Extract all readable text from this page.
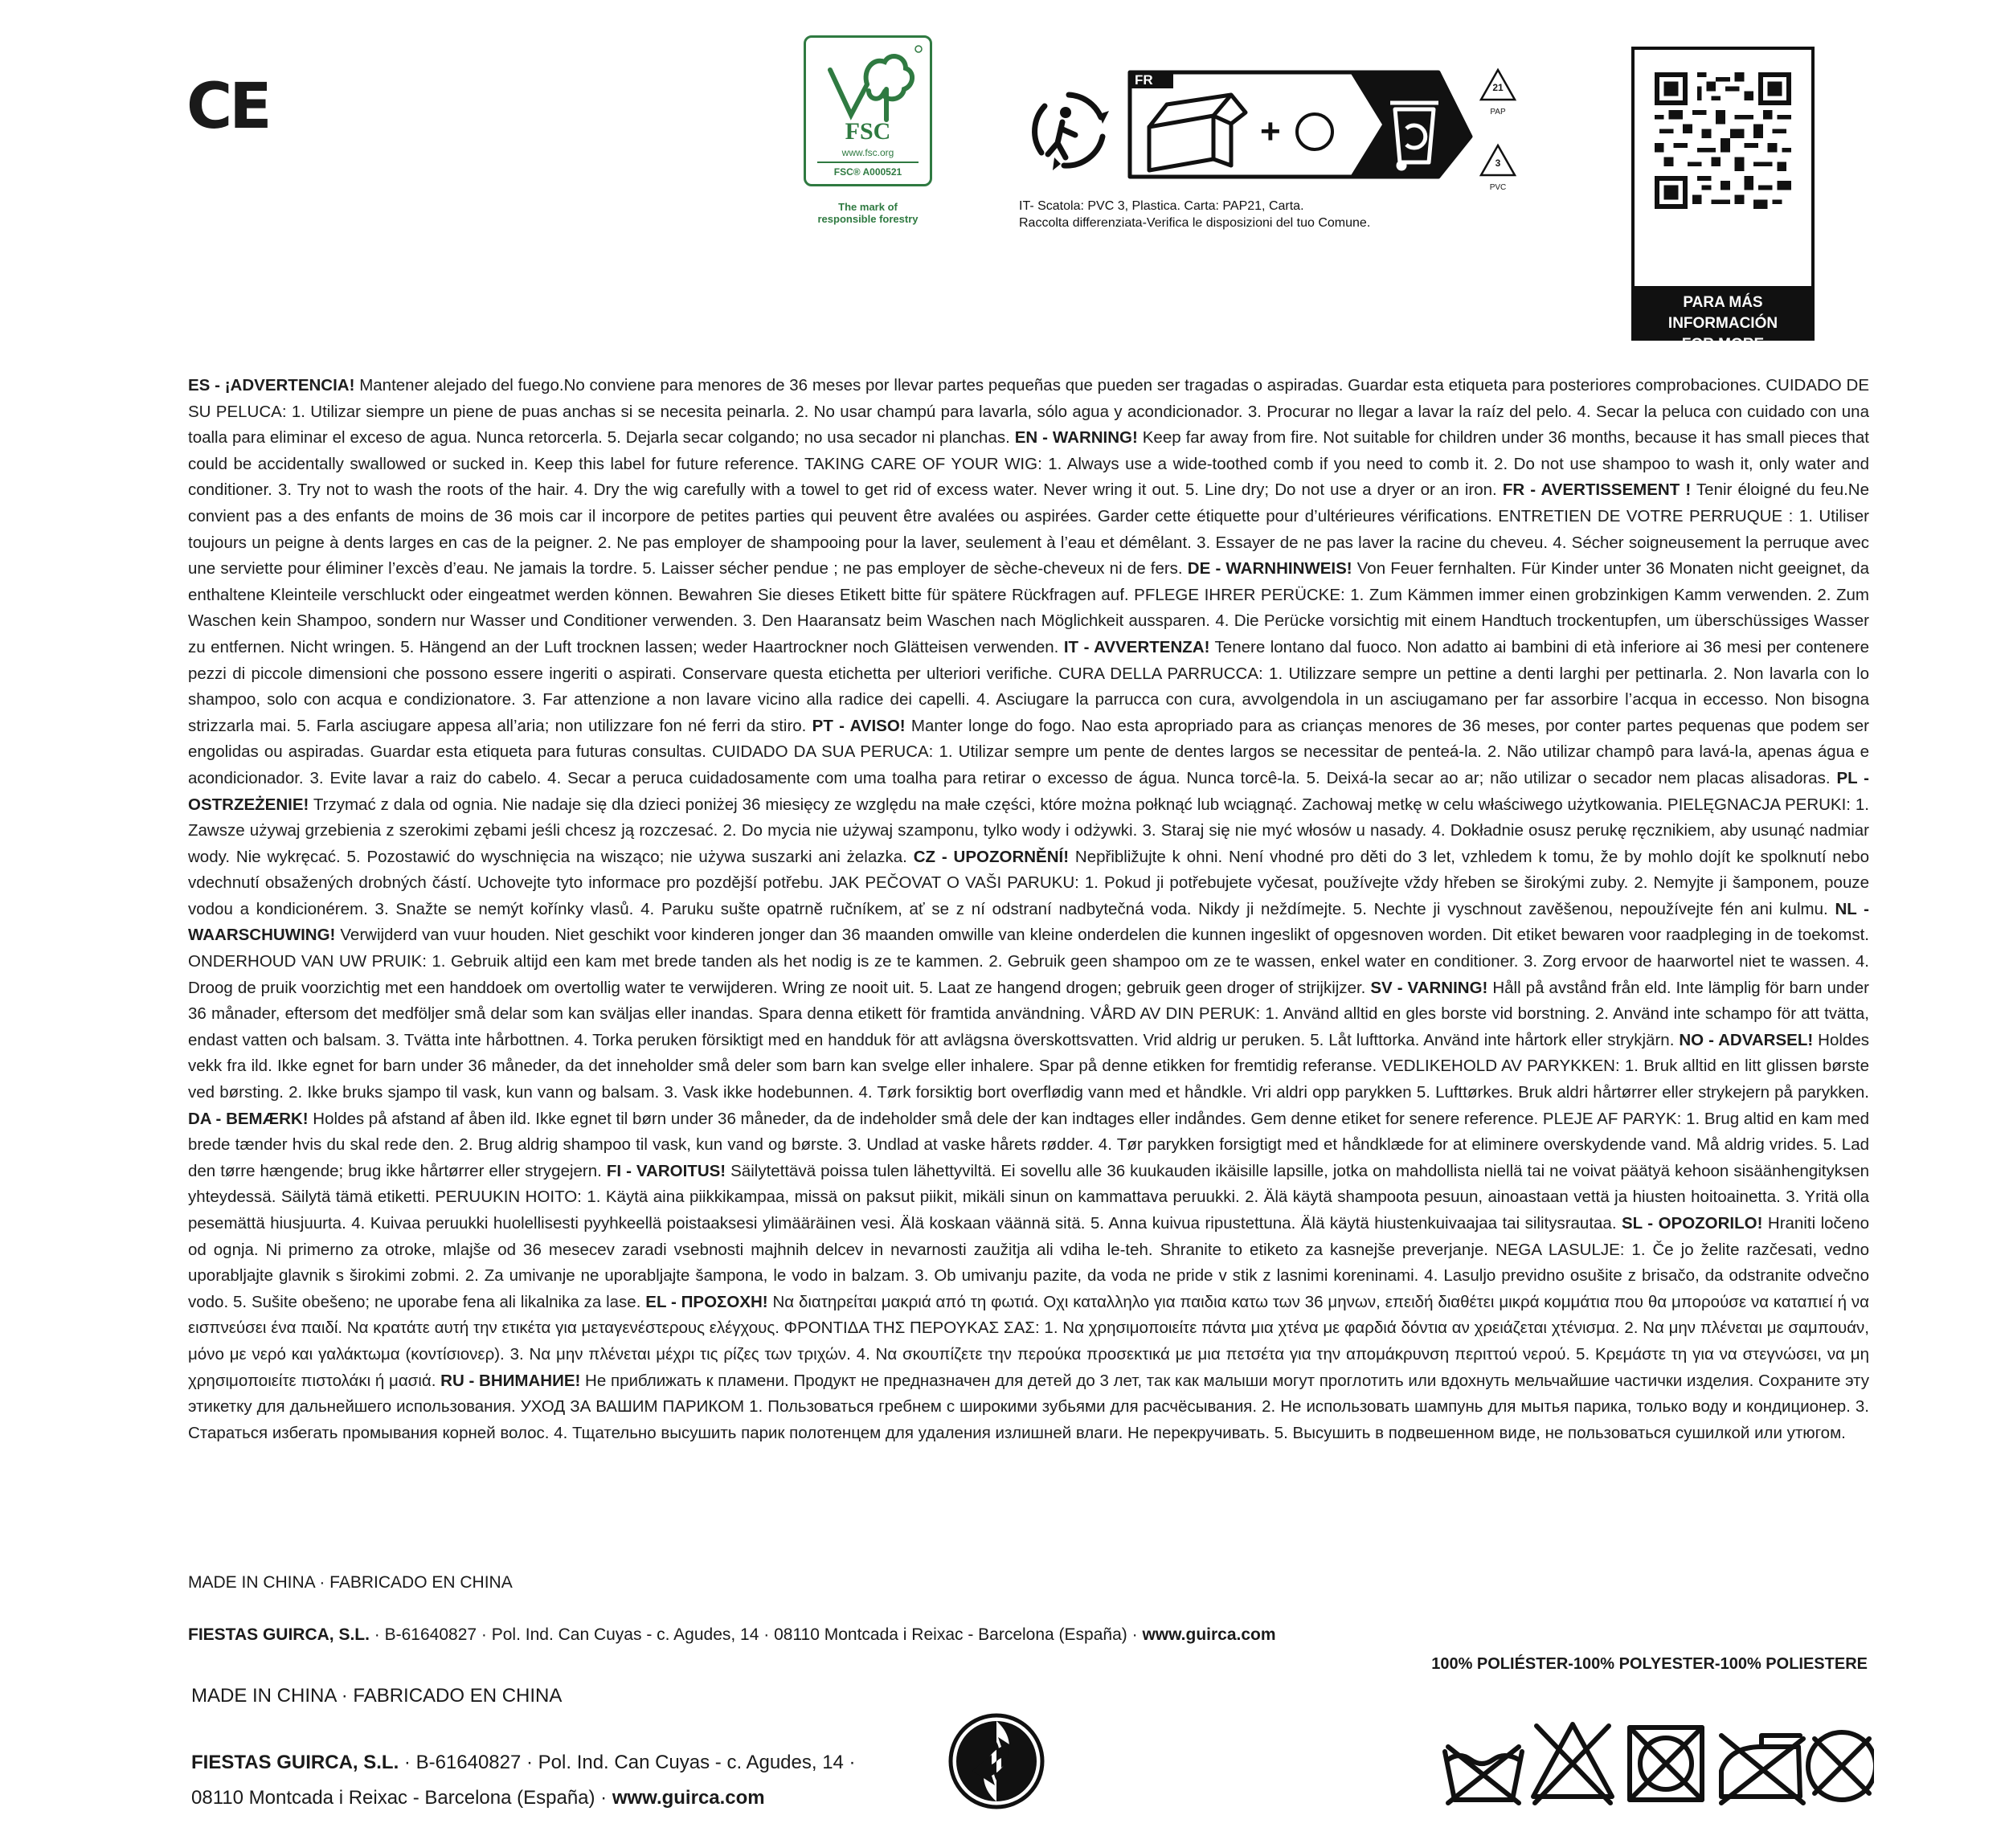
CE	FSC
www.fsc.org
FSC® A000521
The mark of
responsible forestry
+
FR	21
PAP
3
PVC
IT- Scatola: PVC 3, Plastica. Carta: PAP21, Carta.
Raccolta differenziata-Verifica le disposizioni del tuo Comune.
PARA MÁS INFORMACIÓN
FOR MORE INFORMATION
ES - ¡ADVERTENCIA! Mantener alejado del fuego.No conviene para menores de 36 meses por llevar partes pequeñas que pueden ser tragadas o aspiradas. Guardar esta etiqueta para posteriores comprobaciones. CUIDADO DE SU PELUCA: 1. Utilizar siempre un piene de puas anchas si se necesita peinarla. 2. No usar champú para lavarla, sólo agua y acondicionador. 3. Procurar no llegar a lavar la raíz del pelo. 4. Secar la peluca con cuidado con una toalla para eliminar el exceso de agua. Nunca retorcerla. 5. Dejarla secar colgando; no usa secador ni planchas. EN - WARNING! Keep far away from fire. Not suitable for children under 36 months, because it has small pieces that could be accidentally swallowed or sucked in. Keep this label for future reference. TAKING CARE OF YOUR WIG: 1. Always use a wide-toothed comb if you need to comb it. 2. Do not use shampoo to wash it, only water and conditioner. 3. Try not to wash the roots of the hair. 4. Dry the wig carefully with a towel to get rid of excess water. Never wring it out. 5. Line dry; Do not use a dryer or an iron. FR - AVERTISSEMENT ! Tenir éloigné du feu.Ne convient pas a des enfants de moins de 36 mois car il incorpore de petites parties qui peuvent être avalées ou aspirées. Garder cette étiquette pour d’ultérieures vérifications. ENTRETIEN DE VOTRE PERRUQUE : 1. Utiliser toujours un peigne à dents larges en cas de la peigner. 2. Ne pas employer de shampooing pour la laver, seulement à l’eau et démêlant. 3. Essayer de ne pas laver la racine du cheveu. 4. Sécher soigneusement la perruque avec une serviette pour éliminer l’excès d’eau. Ne jamais la tordre. 5. Laisser sécher pendue ; ne pas employer de sèche-cheveux ni de fers. DE - WARNHINWEIS! Von Feuer fernhalten. Für Kinder unter 36 Monaten nicht geeignet, da enthaltene Kleinteile verschluckt oder eingeatmet werden können. Bewahren Sie dieses Etikett bitte für spätere Rückfragen auf. PFLEGE IHRER PERÜCKE: 1. Zum Kämmen immer einen grobzinkigen Kamm verwenden. 2. Zum Waschen kein Shampoo, sondern nur Wasser und Conditioner verwenden. 3. Den Haaransatz beim Waschen nach Möglichkeit aussparen. 4. Die Perücke vorsichtig mit einem Handtuch trockentupfen, um überschüssiges Wasser zu entfernen. Nicht wringen. 5. Hängend an der Luft trocknen lassen; weder Haartrockner noch Glätteisen verwenden. IT - AVVERTENZA! Tenere lontano dal fuoco. Non adatto ai bambini di età inferiore ai 36 mesi per contenere pezzi di piccole dimensioni che possono essere ingeriti o aspirati. Conservare questa etichetta per ulteriori verifiche. CURA DELLA PARRUCCA: 1. Utilizzare sempre un pettine a denti larghi per pettinarla. 2. Non lavarla con lo shampoo, solo con acqua e condizionatore. 3. Far attenzione a non lavare vicino alla radice dei capelli. 4. Asciugare la parrucca con cura, avvolgendola in un asciugamano per far assorbire l’acqua in eccesso. Non bisogna strizzarla mai. 5. Farla asciugare appesa all’aria; non utilizzare fon né ferri da stiro. PT - AVISO! Manter longe do fogo. Nao esta apropriado para as crianças menores de 36 meses, por conter partes pequenas que podem ser engolidas ou aspiradas. Guardar esta etiqueta para futuras consultas. CUIDADO DA SUA PERUCA: 1. Utilizar sempre um pente de dentes largos se necessitar de penteá-la. 2. Não utilizar champô para lavá-la, apenas água e acondicionador. 3. Evite lavar a raiz do cabelo. 4. Secar a peruca cuidadosamente com uma toalha para retirar o excesso de água. Nunca torcê-la. 5. Deixá-la secar ao ar; não utilizar o secador nem placas alisadoras. PL - OSTRZEŻENIE! Trzymać z dala od ognia. Nie nadaje się dla dzieci poniżej 36 miesięcy ze względu na małe części, które można połknąć lub wciągnąć. Zachowaj metkę w celu właściwego użytkowania. PIELĘGNACJA PERUKI: 1. Zawsze używaj grzebienia z szerokimi zębami jeśli chcesz ją rozczesać. 2. Do mycia nie używaj szamponu, tylko wody i odżywki. 3. Staraj się nie myć włosów u nasady. 4. Dokładnie osusz perukę ręcznikiem, aby usunąć nadmiar wody. Nie wykręcać. 5. Pozostawić do wyschnięcia na wisząco; nie używa suszarki ani żelazka. CZ - UPOZORNĚNÍ! Nepřibližujte k ohni. Není vhodné pro děti do 3 let, vzhledem k tomu, že by mohlo dojít ke spolknutí nebo vdechnutí obsažených drobných částí. Uchovejte tyto informace pro pozdější potřebu. JAK PEČOVAT O VAŠI PARUKU: 1. Pokud ji potřebujete vyčesat, používejte vždy hřeben se širokými zuby. 2. Nemyjte ji šamponem, pouze vodou a kondicionérem. 3. Snažte se nemýt kořínky vlasů. 4. Paruku sušte opatrně ručníkem, ať se z ní odstraní nadbytečná voda. Nikdy ji neždímejte. 5. Nechte ji vyschnout zavěšenou, nepoužívejte fén ani kulmu. NL - WAARSCHUWING! Verwijderd van vuur houden. Niet geschikt voor kinderen jonger dan 36 maanden omwille van kleine onderdelen die kunnen ingeslikt of opgesnoven worden. Dit etiket bewaren voor raadpleging in de toekomst. ONDERHOUD VAN UW PRUIK: 1. Gebruik altijd een kam met brede tanden als het nodig is ze te kammen. 2. Gebruik geen shampoo om ze te wassen, enkel water en conditioner. 3. Zorg ervoor de haarwortel niet te wassen. 4. Droog de pruik voorzichtig met een handdoek om overtollig water te verwijderen. Wring ze nooit uit. 5. Laat ze hangend drogen; gebruik geen droger of strijkijzer. SV - VARNING! Håll på avstånd från eld. Inte lämplig för barn under 36 månader, eftersom det medföljer små delar som kan sväljas eller inandas. Spara denna etikett för framtida användning. VÅRD AV DIN PERUK: 1. Använd alltid en gles borste vid borstning. 2. Använd inte schampo för att tvätta, endast vatten och balsam. 3. Tvätta inte hårbottnen. 4. Torka peruken försiktigt med en handduk för att avlägsna överskottsvatten. Vrid aldrig ur peruken. 5. Låt lufttorka. Använd inte hårtork eller strykjärn. NO - ADVARSEL! Holdes vekk fra ild. Ikke egnet for barn under 36 måneder, da det inneholder små deler som barn kan svelge eller inhalere. Spar på denne etikken for fremtidig referanse. VEDLIKEHOLD AV PARYKKEN: 1. Bruk alltid en litt glissen børste ved børsting. 2. Ikke bruks sjampo til vask, kun vann og balsam. 3. Vask ikke hodebunnen. 4. Tørk forsiktig bort overflødig vann med et håndkle. Vri aldri opp parykken 5. Lufttørkes. Bruk aldri hårtørrer eller strykejern på parykken. DA - BEMÆRK! Holdes på afstand af åben ild. Ikke egnet til børn under 36 måneder, da de indeholder små dele der kan indtages eller indåndes. Gem denne etiket for senere reference. PLEJE AF PARYK: 1. Brug altid en kam med brede tænder hvis du skal rede den. 2. Brug aldrig shampoo til vask, kun vand og børste. 3. Undlad at vaske hårets rødder. 4. Tør parykken forsigtigt med et håndklæde for at eliminere overskydende vand. Må aldrig vrides. 5. Lad den tørre hængende; brug ikke hårtørrer eller strygejern. FI - VAROITUS! Säilytettävä poissa tulen lähettyviltä. Ei sovellu alle 36 kuukauden ikäisille lapsille, jotka on mahdollista niellä tai ne voivat päätyä kehoon sisäänhengityksen yhteydessä. Säilytä tämä etiketti. PERUUKIN HOITO: 1. Käytä aina piikkikampaa, missä on paksut piikit, mikäli sinun on kammattava peruukki. 2. Älä käytä shampoota pesuun, ainoastaan vettä ja hiusten hoitoainetta. 3. Yritä olla pesemättä hiusjuurta. 4. Kuivaa peruukki huolellisesti pyyhkeellä poistaaksesi ylimääräinen vesi. Älä koskaan väännä sitä. 5. Anna kuivua ripustettuna. Älä käytä hiustenkuivaajaa tai silitysrautaa. SL - OPOZORILO! Hraniti ločeno od ognja. Ni primerno za otroke, mlajše od 36 mesecev zaradi vsebnosti majhnih delcev in nevarnosti zaužitja ali vdiha le-teh. Shranite to etiketo za kasnejše preverjanje. NEGA LASULJE: 1. Če jo želite razčesati, vedno uporabljajte glavnik s širokimi zobmi. 2. Za umivanje ne uporabljajte šampona, le vodo in balzam. 3. Ob umivanju pazite, da voda ne pride v stik z lasnimi koreninami. 4. Lasuljo previdno osušite z brisačo, da odstranite odvečno vodo. 5. Sušite obešeno; ne uporabe fena ali likalnika za lase. EL - ΠΡΟΣΟΧΗ! Να διατηρείται μακριά από τη φωτιά. Οχι καταλληλο για παιδια κατω των 36 μηνων, επειδή διαθέτει μικρά κομμάτια που θα μπορούσε να καταπιεί ή να εισπνεύσει ένα παιδί. Να κρατάτε αυτή την ετικέτα για μεταγενέστερους ελέγχους. ΦΡΟΝΤΙΔΑ ΤΗΣ ΠΕΡΟΥΚΑΣ ΣΑΣ: 1. Να χρησιμοποιείτε πάντα μια χτένα με φαρδιά δόντια αν χρειάζεται χτένισμα. 2. Να μην πλένεται με σαμπουάν, μόνο με νερό και γαλάκτωμα (κοντίσιονερ). 3. Να μην πλένεται μέχρι τις ρίζες των τριχών. 4. Να σκουπίζετε την περούκα προσεκτικά με μια πετσέτα για την απομάκρυνση περιττού νερού. 5. Κρεμάστε τη για να στεγνώσει, να μη χρησιμοποιείτε πιστολάκι ή μασιά. RU - ВНИМАНИЕ! Не приближать к пламени. Продукт не предназначен для детей до 3 лет, так как малыши могут проглотить или вдохнуть мельчайшие частички изделия. Сохраните эту этикетку для дальнейшего использования. УХОД ЗА ВАШИМ ПАРИКОМ 1. Пользоваться гребнем с широкими зубьями для расчёсывания. 2. Не использовать шампунь для мытья парика, только воду и кондиционер. 3. Стараться избегать промывания корней волос. 4. Тщательно высушить парик полотенцем для удаления излишней влаги. Не перекручивать. 5. Высушить в подвешенном виде, не пользоваться сушилкой или утюгом.
MADE IN CHINA · FABRICADO EN CHINA
FIESTAS GUIRCA, S.L. · B-61640827 · Pol. Ind. Can Cuyas - c. Agudes, 14 · 08110 Montcada i Reixac - Barcelona (España) · www.guirca.com
100% POLIÉSTER-100% POLYESTER-100% POLIESTERE
MADE IN CHINA · FABRICADO EN CHINA
FIESTAS GUIRCA, S.L. · B-61640827 · Pol. Ind. Can Cuyas - c. Agudes, 14 ·
08110 Montcada i Reixac - Barcelona (España) · www.guirca.com
